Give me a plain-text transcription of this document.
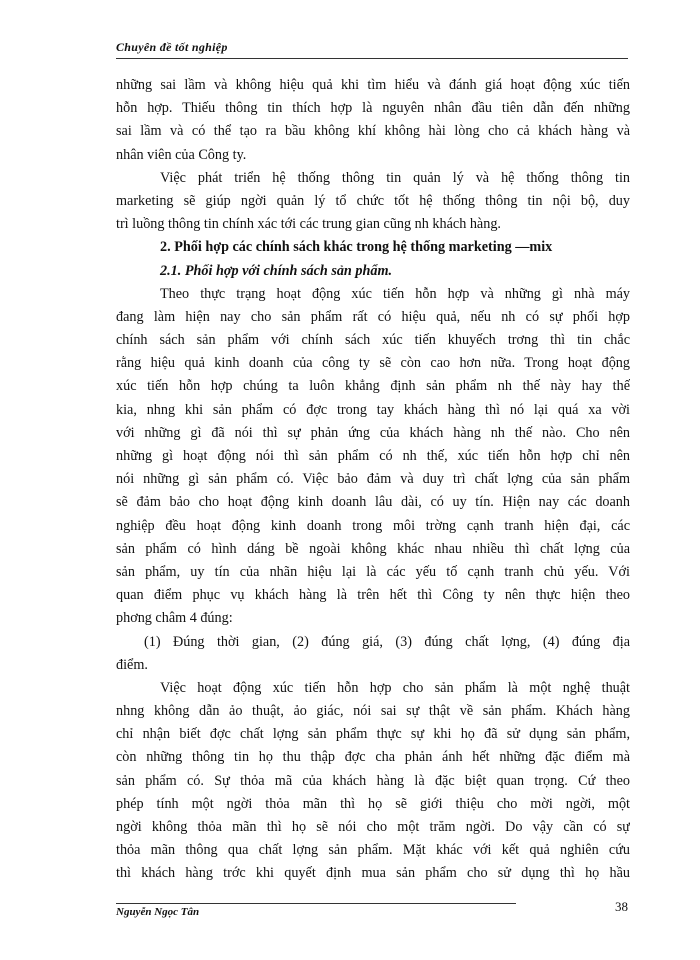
Chuyên đề tốt nghiệp
những sai lầm và không hiệu quả khi tìm hiểu và đánh giá hoạt động xúc tiến
hỗn hợp. Thiếu thông tin thích hợp là nguyên nhân đầu tiên dẫn đến những
sai lầm và có thể tạo ra bầu không khí không hài lòng cho cả khách hàng và
nhân viên của Công ty.
Việc phát triển hệ thống thông tin quản lý và hệ thống thông tin
marketing sẽ giúp ngời quản lý tổ chức tốt hệ thống thông tin nội bộ, duy
trì luồng thông tin chính xác tới các trung gian cũng nh khách hàng.
2. Phối hợp các chính sách khác trong hệ thống marketing —mix
2.1. Phối hợp với chính sách sản phẩm.
Theo thực trạng hoạt động xúc tiến hỗn hợp và những gì nhà máy
đang làm hiện nay cho sản phẩm rất có hiệu quả, nếu nh có sự phối hợp
chính sách sản phẩm với chính sách xúc tiến khuyếch trơng thì tin chắc
rằng hiệu quả kinh doanh của công ty sẽ còn cao hơn nữa. Trong hoạt động
xúc tiến hỗn hợp chúng ta luôn khẳng định sản phẩm nh thế này hay thế
kia, nhng khi sản phẩm có đợc trong tay khách hàng thì nó lại quá xa vời
với những gì đã nói thì sự phản ứng của khách hàng nh thế nào. Cho nên
những gì hoạt động nói thì sản phẩm có nh thế, xúc tiến hỗn hợp chỉ nên
nói những gì sản phẩm có. Việc bảo đảm và duy trì chất lợng của sản phẩm
sẽ đảm bảo cho hoạt động kinh doanh lâu dài, có uy tín. Hiện nay các doanh
nghiệp đều hoạt động kinh doanh trong môi trờng cạnh tranh hiện đại, các
sản phẩm có hình dáng bề ngoài không khác nhau nhiều thì chất lợng của
sản phẩm, uy tín của nhãn hiệu lại là các yếu tố cạnh tranh chủ yếu. Với
quan điểm phục vụ khách hàng là trên hết thì Công ty nên thực hiện theo
phơng châm 4 đúng:
(1) Đúng thời gian, (2) đúng giá, (3) đúng chất lợng, (4) đúng địa
điểm.
Việc hoạt động xúc tiến hỗn hợp cho sản phẩm là một nghệ thuật
nhng không dẫn ảo thuật, ảo giác, nói sai sự thật về sản phẩm. Khách hàng
chỉ nhận biết đợc chất lợng sản phẩm thực sự khi họ đã sử dụng sản phẩm,
còn những thông tin họ thu thập đợc cha phản ánh hết những đặc điểm mà
sản phẩm có. Sự thỏa mã của khách hàng là đặc biệt quan trọng. Cứ theo
phép tính một ngời thỏa mãn thì họ sẽ giới thiệu cho mời ngời, một
ngời không thỏa mãn thì họ sẽ nói cho một trăm ngời. Do vậy cần có sự
thỏa mãn thông qua chất lợng sản phẩm. Mặt khác với kết quả nghiên cứu
thì khách hàng trớc khi quyết định mua sản phẩm cho sử dụng thì họ hầu
Nguyễn Ngọc Tân	38
